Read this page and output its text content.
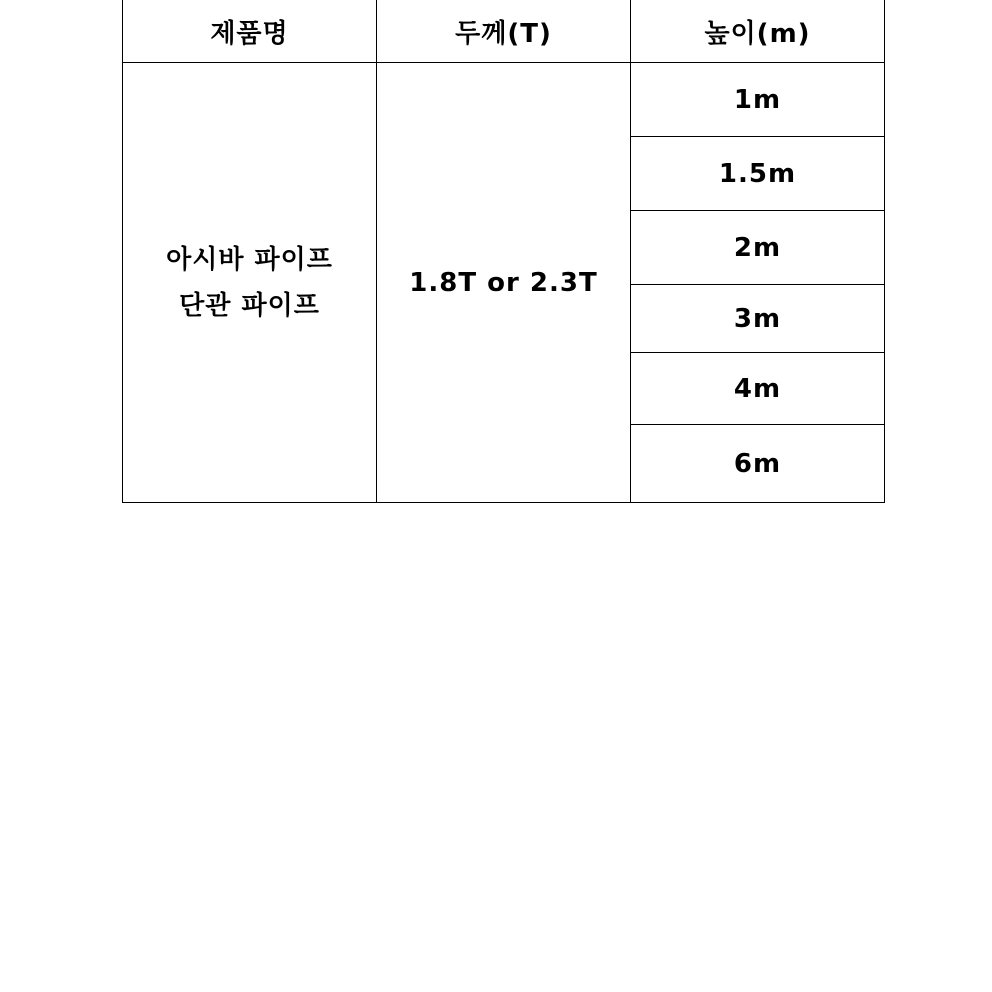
제품명	두께(T)	높이(m)

아시바 파이프
단관 파이프	1.8T or 2.3T	1m
		1.5m
		2m
		3m
		4m
		6m
